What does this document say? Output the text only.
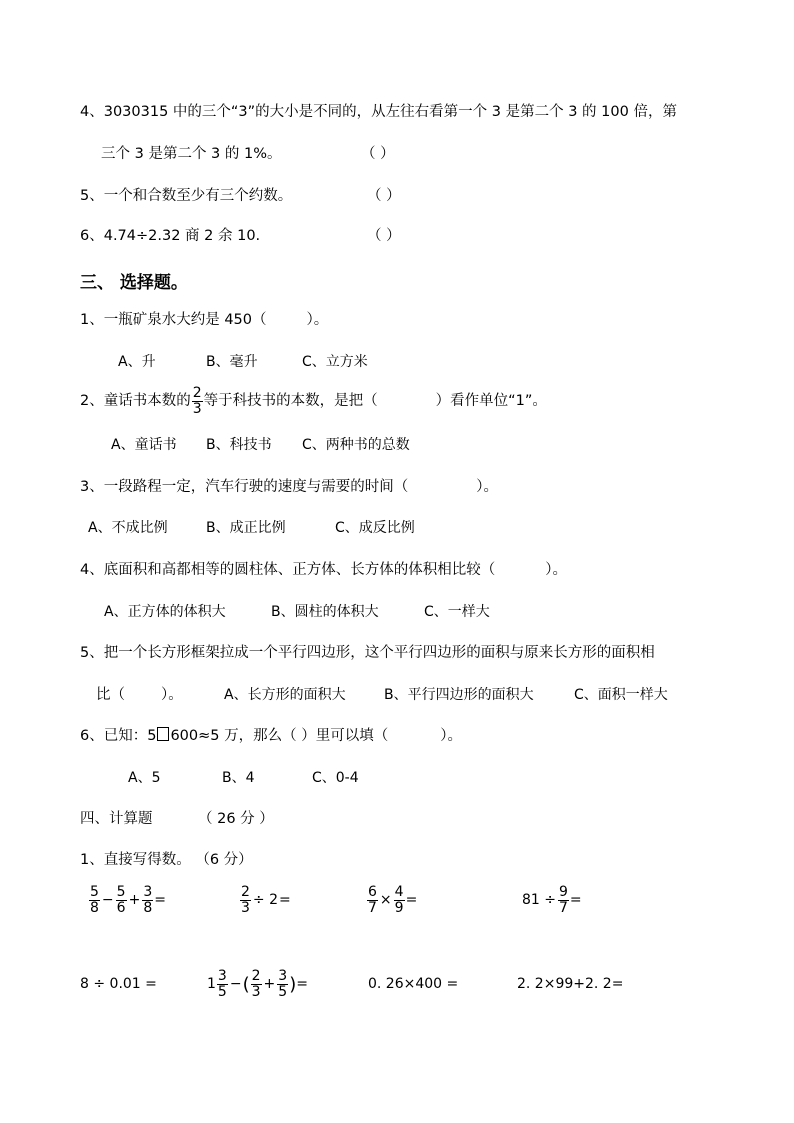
4、3030315 中的三个“3”的大小是不同的，从左往右看第一个 3 是第二个 3 的 100 倍，第
三个 3 是第二个 3 的 1%。	（ ）
5、一个和合数至少有三个约数。	（ ）
6、4.74÷2.32 商 2 余 10.	（ ）
三、 选择题。
1、一瓶矿泉水大约是 450（	）。
A、升	B、毫升	C、立方米
2、童话书本数的 $\frac{2}{3}$ 等于科技书的本数，是把（	）看作单位“1”。
A、童话书 B、科技书 C、两种书的总数
3、一段路程一定，汽车行驶的速度与需要的时间（	）。
A、不成比例	B、成正比例	C、成反比例
4、底面积和高都相等的圆柱体、正方体、长方体的体积相比较（	）。
A、正方体的体积大	B、圆柱的体积大	C、一样大
5、把一个长方形框架拉成一个平行四边形，这个平行四边形的面积与原来长方形的面积相
比（ ）。	A、长方形的面积大	B、平行四边形的面积大	C、面积一样大
6、已知：5 600≈5 万，那么（ ）里可以填（	）。
A、5	B、4	C、0-4
四、计算题	（ 26 分 ）
1、直接写得数。 （6 分）
$\frac{5}{8} - \frac{5}{6} + \frac{3}{8}$ =	$\frac{2}{3} \div 2$ =	$\frac{6}{7} \times \frac{4}{9}$ =	$81 \div \frac{9}{7}$ =
8 ÷ 0.01 =	$1 \frac{3}{5}$ − ( $\frac{2}{3} + \frac{3}{5}$ ) =	0. 26×400 =	2. 2×99+2. 2=
